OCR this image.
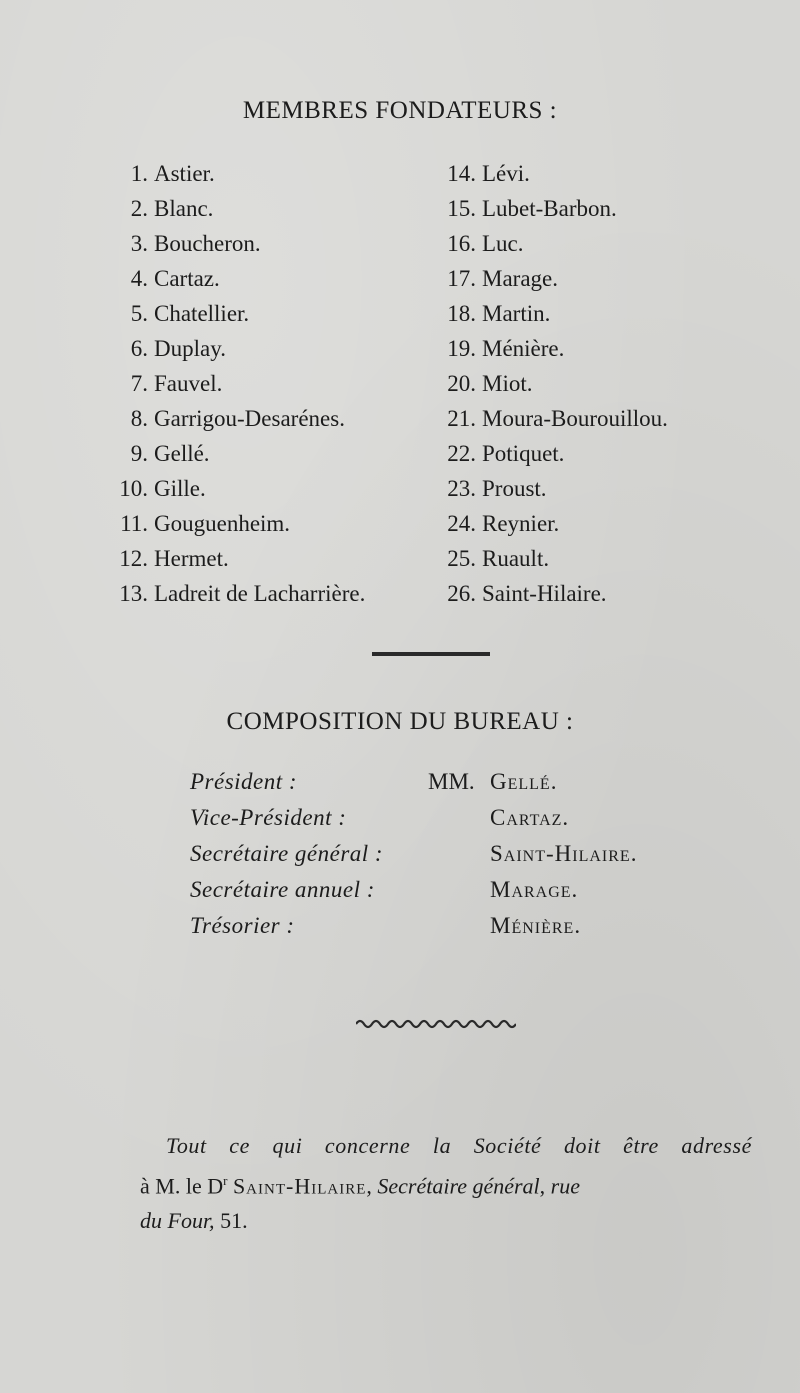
MEMBRES FONDATEURS :
1. Astier.
2. Blanc.
3. Boucheron.
4. Cartaz.
5. Chatellier.
6. Duplay.
7. Fauvel.
8. Garrigou-Desarénes.
9. Gellé.
10. Gille.
11. Gouguenheim.
12. Hermet.
13. Ladreit de Lacharrière.
14. Lévi.
15. Lubet-Barbon.
16. Luc.
17. Marage.
18. Martin.
19. Ménière.
20. Miot.
21. Moura-Bourouillou.
22. Potiquet.
23. Proust.
24. Reynier.
25. Ruault.
26. Saint-Hilaire.
COMPOSITION DU BUREAU :
Président :	MM. Gellé.
Vice-Président :	Cartaz.
Secrétaire général :	Saint-Hilaire.
Secrétaire annuel :	Marage.
Trésorier :	Ménière.
Tout ce qui concerne la Société doit être adressé
à M. le $D^r$ Saint-Hilaire, Secrétaire général, rue
du Four, 51.
